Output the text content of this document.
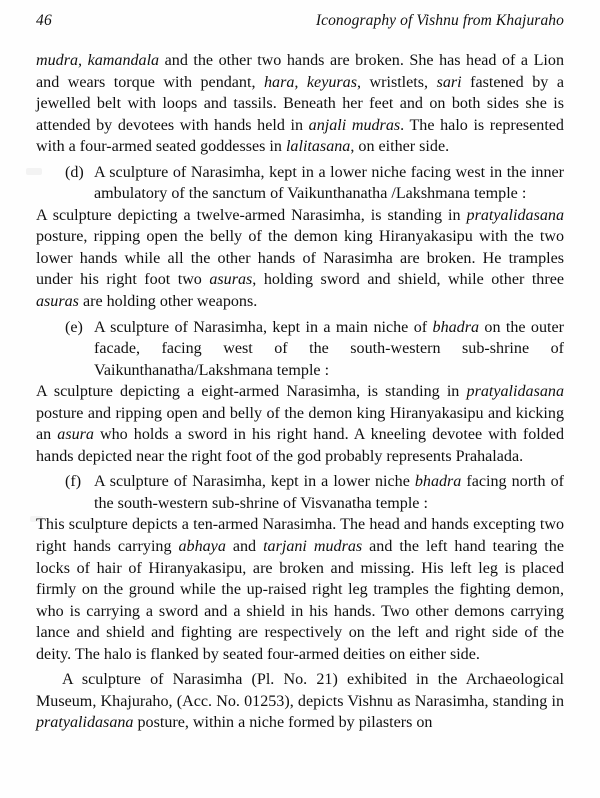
46	Iconography of Vishnu from Khajuraho

mudra, kamandala and the other two hands are broken. She has head of a Lion and wears torque with pendant, hara, keyuras, wristlets, sari fastened by a jewelled belt with loops and tassils. Beneath her feet and on both sides she is attended by devotees with hands held in anjali mudras. The halo is represented with a four-armed seated goddesses in lalitasana, on either side.

(d) A sculpture of Narasimha, kept in a lower niche facing west in the inner ambulatory of the sanctum of Vaikunthanatha /Lakshmana temple :

A sculpture depicting a twelve-armed Narasimha, is standing in pratyalidasana posture, ripping open the belly of the demon king Hiranyakasipu with the two lower hands while all the other hands of Narasimha are broken. He tramples under his right foot two asuras, holding sword and shield, while other three asuras are holding other weapons.

(e) A sculpture of Narasimha, kept in a main niche of bhadra on the outer facade, facing west of the south-western sub-shrine of Vaikunthanatha/Lakshmana temple :

A sculpture depicting a eight-armed Narasimha, is standing in pratyalidasana posture and ripping open and belly of the demon king Hiranyakasipu and kicking an asura who holds a sword in his right hand. A kneeling devotee with folded hands depicted near the right foot of the god probably represents Prahalada.

(f) A sculpture of Narasimha, kept in a lower niche bhadra facing north of the south-western sub-shrine of Visvanatha temple :

This sculpture depicts a ten-armed Narasimha. The head and hands excepting two right hands carrying abhaya and tarjani mudras and the left hand tearing the locks of hair of Hiranyakasipu, are broken and missing. His left leg is placed firmly on the ground while the up-raised right leg tramples the fighting demon, who is carrying a sword and a shield in his hands. Two other demons carrying lance and shield and fighting are respectively on the left and right side of the deity. The halo is flanked by seated four-armed deities on either side.

A sculpture of Narasimha (Pl. No. 21) exhibited in the Archaeological Museum, Khajuraho, (Acc. No. 01253), depicts Vishnu as Narasimha, standing in pratyalidasana posture, within a niche formed by pilasters on
